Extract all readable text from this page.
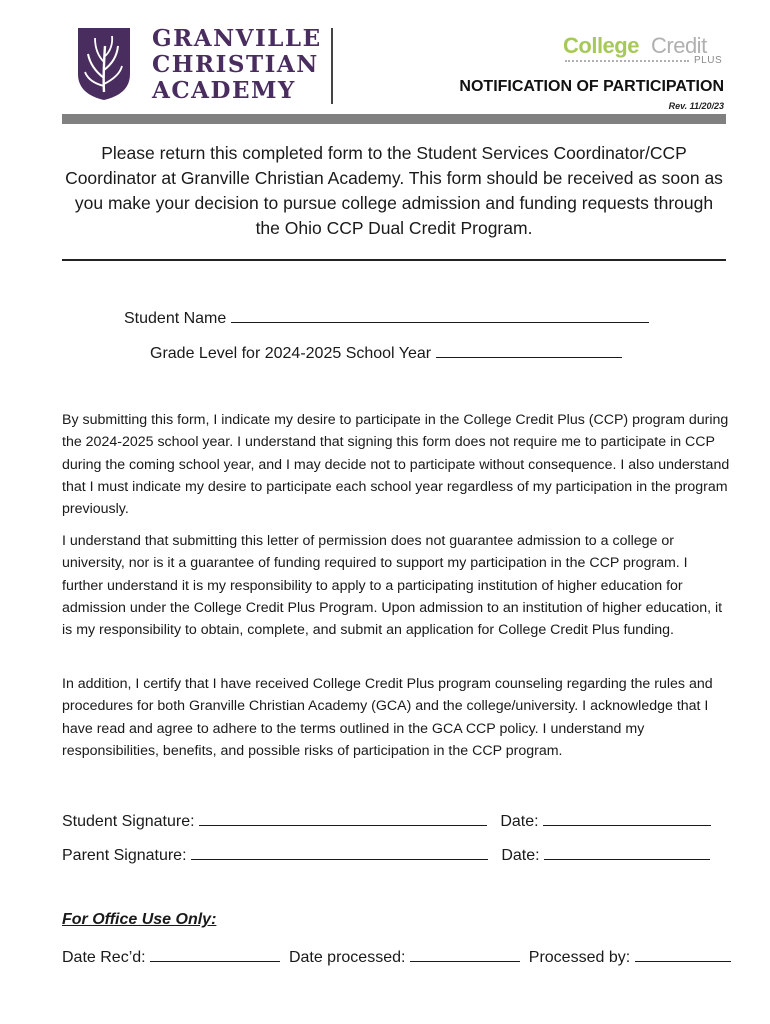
GRANVILLE
CHRISTIAN
ACADEMY
College Credit
PLUS
NOTIFICATION OF PARTICIPATION
Rev. 11/20/23
Please return this completed form to the Student Services Coordinator/CCP Coordinator at Granville Christian Academy. This form should be received as soon as you make your decision to pursue college admission and funding requests through the Ohio CCP Dual Credit Program.
Student Name
Grade Level for 2024-2025 School Year
By submitting this form, I indicate my desire to participate in the College Credit Plus (CCP) program during the 2024-2025 school year. I understand that signing this form does not require me to participate in CCP during the coming school year, and I may decide not to participate without consequence. I also understand that I must indicate my desire to participate each school year regardless of my participation in the program previously.
I understand that submitting this letter of permission does not guarantee admission to a college or university, nor is it a guarantee of funding required to support my participation in the CCP program. I further understand it is my responsibility to apply to a participating institution of higher education for admission under the College Credit Plus Program. Upon admission to an institution of higher education, it is my responsibility to obtain, complete, and submit an application for College Credit Plus funding.
In addition, I certify that I have received College Credit Plus program counseling regarding the rules and procedures for both Granville Christian Academy (GCA) and the college/university. I acknowledge that I have read and agree to adhere to the terms outlined in the GCA CCP policy. I understand my responsibilities, benefits, and possible risks of participation in the CCP program.
Student Signature:	Date:
Parent Signature:	Date:
For Office Use Only:
Date Rec’d:	Date processed:	Processed by:
